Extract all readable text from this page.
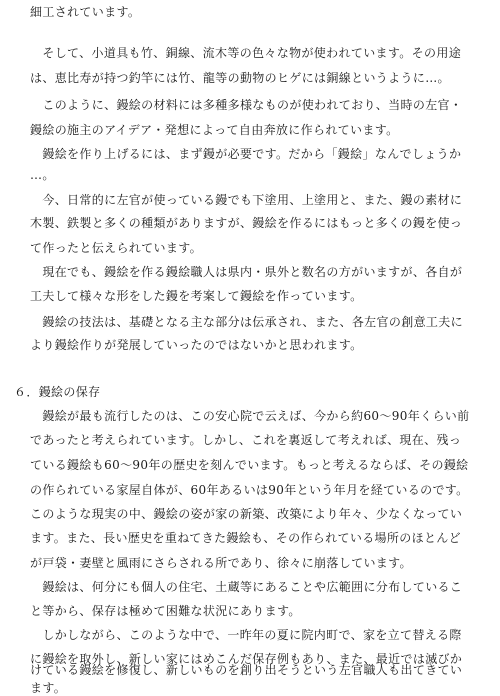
細工されています。
　そして、小道具も竹、銅線、流木等の色々な物が使われています。その用途
は、恵比寿が持つ釣竿には竹、龍等の動物のヒゲには銅線というように…。
　このように、鏝絵の材料には多種多様なものが使われており、当時の左官・
鏝絵の施主のアイデア・発想によって自由奔放に作られています。
　鏝絵を作り上げるには、まず鏝が必要です。だから「鏝絵」なんでしょうか
…。
　今、日常的に左官が使っている鏝でも下塗用、上塗用と、また、鏝の素材に
木製、鉄製と多くの種類がありますが、鏝絵を作るにはもっと多くの鏝を使っ
て作ったと伝えられています。
　現在でも、鏝絵を作る鏝絵職人は県内・県外と数名の方がいますが、各自が
工夫して様々な形をした鏝を考案して鏝絵を作っています。
　鏝絵の技法は、基礎となる主な部分は伝承され、また、各左官の創意工夫に
より鏝絵作りが発展していったのではないかと思われます。
６．鏝絵の保存
　鏝絵が最も流行したのは、この安心院で云えば、今から約60〜90年くらい前
であったと考えられています。しかし、これを裏返して考えれば、現在、残っ
ている鏝絵も60〜90年の歴史を刻んでいます。もっと考えるならば、その鏝絵
の作られている家屋自体が、60年あるいは90年という年月を経ているのです。
このような現実の中、鏝絵の姿が家の新築、改築により年々、少なくなってい
ます。また、長い歴史を重ねてきた鏝絵も、その作られている場所のほとんど
が戸袋・妻壁と風雨にさらされる所であり、徐々に崩落しています。
　鏝絵は、何分にも個人の住宅、土蔵等にあることや広範囲に分布しているこ
と等から、保存は極めて困難な状況にあります。
　しかしながら、このような中で、一昨年の夏に院内町で、家を立て替える際
に鏝絵を取外し、新しい家にはめこんだ保存例もあり、また、最近では滅びか
けている鏝絵を修復し、新しいものを創り出そうという左官職人も出てきてい
ます。
